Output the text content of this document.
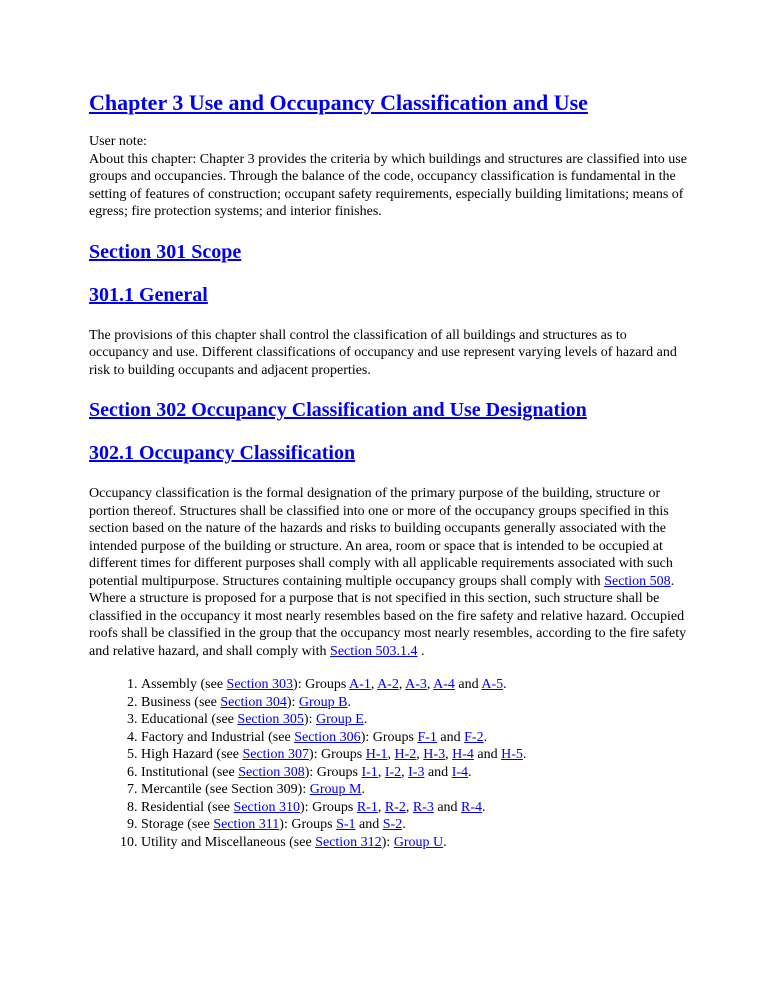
Chapter 3 Use and Occupancy Classification and Use

User note:

About this chapter: Chapter 3 provides the criteria by which buildings and structures are classified into use groups and occupancies. Through the balance of the code, occupancy classification is fundamental in the setting of features of construction; occupant safety requirements, especially building limitations; means of egress; fire protection systems; and interior finishes.

Section 301 Scope
301.1 General

The provisions of this chapter shall control the classification of all buildings and structures as to occupancy and use. Different classifications of occupancy and use represent varying levels of hazard and risk to building occupants and adjacent properties.

Section 302 Occupancy Classification and Use Designation
302.1 Occupancy Classification

Occupancy classification is the formal designation of the primary purpose of the building, structure or portion thereof. Structures shall be classified into one or more of the occupancy groups specified in this section based on the nature of the hazards and risks to building occupants generally associated with the intended purpose of the building or structure. An area, room or space that is intended to be occupied at different times for different purposes shall comply with all applicable requirements associated with such potential multipurpose. Structures containing multiple occupancy groups shall comply with Section 508. Where a structure is proposed for a purpose that is not specified in this section, such structure shall be classified in the occupancy it most nearly resembles based on the fire safety and relative hazard. Occupied roofs shall be classified in the group that the occupancy most nearly resembles, according to the fire safety and relative hazard, and shall comply with Section 503.1.4 .

1. Assembly (see Section 303): Groups A-1, A-2, A-3, A-4 and A-5.
2. Business (see Section 304): Group B.
3. Educational (see Section 305): Group E.
4. Factory and Industrial (see Section 306): Groups F-1 and F-2.
5. High Hazard (see Section 307): Groups H-1, H-2, H-3, H-4 and H-5.
6. Institutional (see Section 308): Groups I-1, I-2, I-3 and I-4.
7. Mercantile (see Section 309): Group M.
8. Residential (see Section 310): Groups R-1, R-2, R-3 and R-4.
9. Storage (see Section 311): Groups S-1 and S-2.
10. Utility and Miscellaneous (see Section 312): Group U.
